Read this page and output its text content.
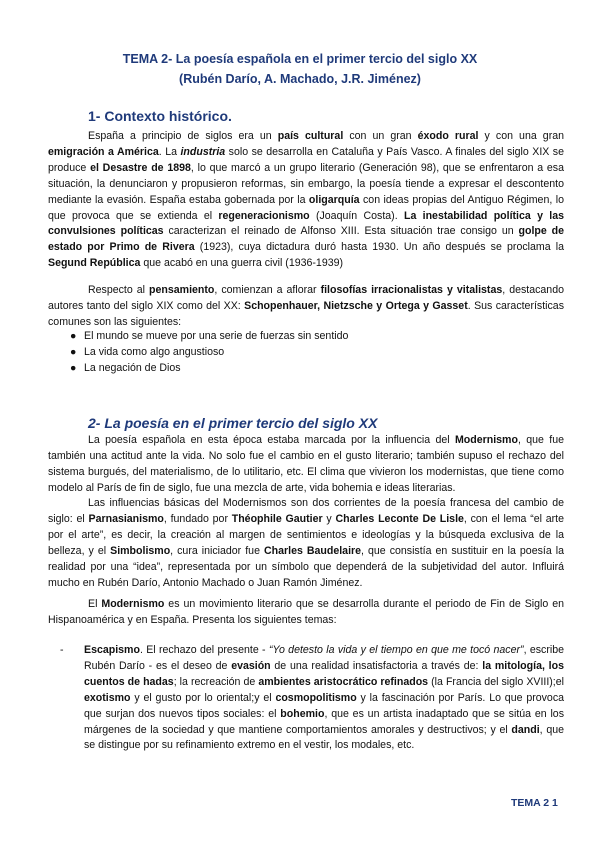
TEMA 2- La poesía española en el primer tercio del siglo XX
(Rubén Darío, A. Machado, J.R. Jiménez)
1- Contexto histórico.

España a principio de siglos era un país cultural con un gran éxodo rural y con una gran emigración a América. La industria solo se desarrolla en Cataluña y País Vasco. A finales del siglo XIX se produce el Desastre de 1898, lo que marcó a un grupo literario (Generación 98), que se enfrentaron a esa situación, la denunciaron y propusieron reformas, sin embargo, la poesía tiende a expresar el descontento mediante la evasión. España estaba gobernada por la oligarquía con ideas propias del Antiguo Régimen, lo que provoca que se extienda el regeneracionismo (Joaquín Costa). La inestabilidad política y las convulsiones políticas caracterizan el reinado de Alfonso XIII. Esta situación trae consigo un golpe de estado por Primo de Rivera (1923), cuya dictadura duró hasta 1930. Un año después se proclama la Segund República que acabó en una guerra civil (1936-1939)

Respecto al pensamiento, comienzan a aflorar filosofías irracionalistas y vitalistas, destacando autores tanto del siglo XIX como del XX: Schopenhauer, Nietzsche y Ortega y Gasset. Sus características comunes son las siguientes:

● El mundo se mueve por una serie de fuerzas sin sentido
● La vida como algo angustioso
● La negación de Dios
2- La poesía en el primer tercio del siglo XX

La poesía española en esta época estaba marcada por la influencia del Modernismo, que fue también una actitud ante la vida. No solo fue el cambio en el gusto literario; también supuso el rechazo del sistema burgués, del materialismo, de lo utilitario, etc. El clima que vivieron los modernistas, que tiene como modelo al París de fin de siglo, fue una mezcla de arte, vida bohemia e ideas literarias.

Las influencias básicas del Modernismos son dos corrientes de la poesía francesa del cambio de siglo: el Parnasianismo, fundado por Théophile Gautier y Charles Leconte De Lisle, con el lema “el arte por el arte”, es decir, la creación al margen de sentimientos e ideologías y la búsqueda exclusiva de la belleza, y el Simbolismo, cura iniciador fue Charles Baudelaire, que consistía en sustituir en la poesía la realidad por una “idea”, representada por un símbolo que dependerá de la subjetividad del autor. Influirá mucho en Rubén Darío, Antonio Machado o Juan Ramón Jiménez.

El Modernismo es un movimiento literario que se desarrolla durante el periodo de Fin de Siglo en Hispanoamérica y en España. Presenta los siguientes temas:

- Escapismo. El rechazo del presente - “Yo detesto la vida y el tiempo en que me tocó nacer”, escribe Rubén Darío - es el deseo de evasión de una realidad insatisfactoria a través de: la mitología, los cuentos de hadas; la recreación de ambientes aristocrático refinados (la Francia del siglo XVIII);el exotismo y el gusto por lo oriental;y el cosmopolitismo y la fascinación por París. Lo que provoca que surjan dos nuevos tipos sociales: el bohemio, que es un artista inadaptado que se sitúa en los márgenes de la sociedad y que mantiene comportamientos amorales y destructivos; y el dandi, que se distingue por su refinamiento extremo en el vestir, los modales, etc.
TEMA 2 1
